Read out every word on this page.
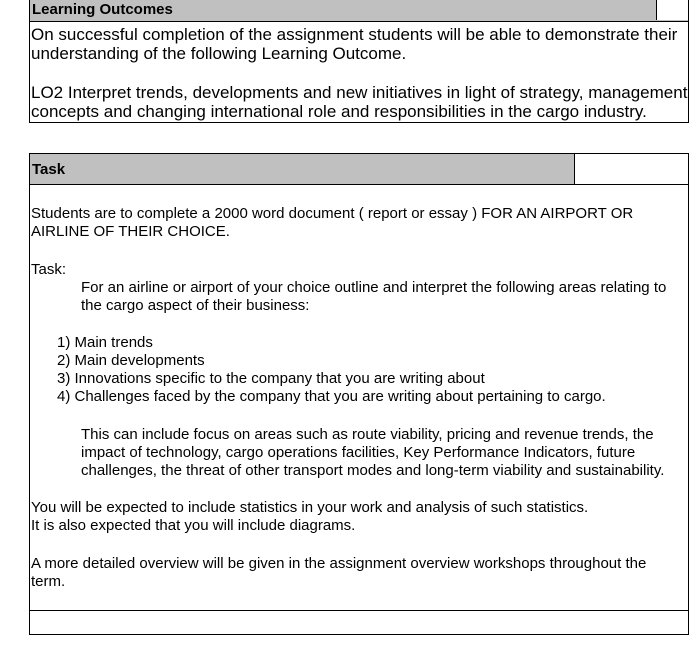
Learning Outcomes
On successful completion of the assignment students will be able to demonstrate their
understanding of the following Learning Outcome.
LO2 Interpret trends, developments and new initiatives in light of strategy, management
concepts and changing international role and responsibilities in the cargo industry.
Task
Students are to complete a 2000 word document ( report or essay ) FOR AN AIRPORT OR
AIRLINE OF THEIR CHOICE.
Task:
For an airline or airport of your choice outline and interpret the following areas relating to
the cargo aspect of their business:
1) Main trends
2) Main developments
3) Innovations specific to the company that you are writing about
4) Challenges faced by the company that you are writing about pertaining to cargo.
This can include focus on areas such as route viability, pricing and revenue trends, the
impact of technology, cargo operations facilities, Key Performance Indicators, future
challenges, the threat of other transport modes and long-term viability and sustainability.
You will be expected to include statistics in your work and analysis of such statistics.
It is also expected that you will include diagrams.
A more detailed overview will be given in the assignment overview workshops throughout the
term.
